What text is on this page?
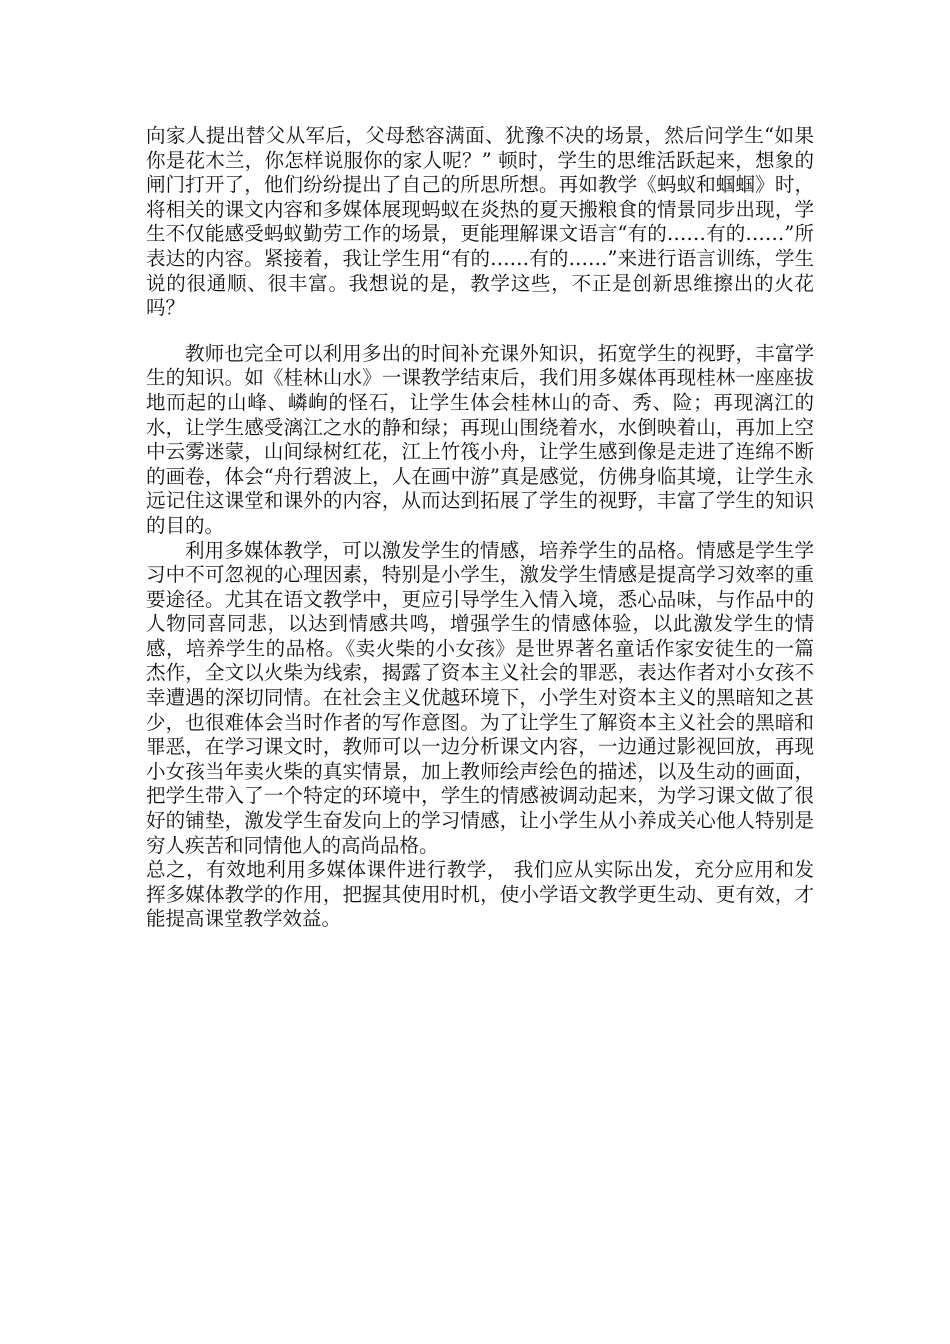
向家人提出替父从军后，父母愁容满面、犹豫不决的场景，然后问学生“如果你是花木兰，你怎样说服你的家人呢？” 顿时，学生的思维活跃起来，想象的闸门打开了，他们纷纷提出了自己的所思所想。再如教学《蚂蚁和蝈蝈》时，将相关的课文内容和多媒体展现蚂蚁在炎热的夏天搬粮食的情景同步出现，学生不仅能感受蚂蚁勤劳工作的场景，更能理解课文语言“有的……有的……”所表达的内容。紧接着，我让学生用“有的……有的……”来进行语言训练，学生说的很通顺、很丰富。我想说的是，教学这些，不正是创新思维擦出的火花吗？

教师也完全可以利用多出的时间补充课外知识，拓宽学生的视野，丰富学生的知识。如《桂林山水》一课教学结束后，我们用多媒体再现桂林一座座拔地而起的山峰、嶙峋的怪石，让学生体会桂林山的奇、秀、险；再现漓江的水，让学生感受漓江之水的静和绿；再现山围绕着水，水倒映着山，再加上空中云雾迷蒙，山间绿树红花，江上竹筏小舟，让学生感到像是走进了连绵不断的画卷，体会“舟行碧波上，人在画中游”真是感觉，仿佛身临其境，让学生永远记住这课堂和课外的内容，从而达到拓展了学生的视野，丰富了学生的知识的目的。

利用多媒体教学，可以激发学生的情感，培养学生的品格。情感是学生学习中不可忽视的心理因素，特别是小学生，激发学生情感是提高学习效率的重要途径。尤其在语文教学中，更应引导学生入情入境，悉心品味，与作品中的人物同喜同悲，以达到情感共鸣，增强学生的情感体验，以此激发学生的情感，培养学生的品格。《卖火柴的小女孩》是世界著名童话作家安徒生的一篇杰作，全文以火柴为线索，揭露了资本主义社会的罪恶，表达作者对小女孩不幸遭遇的深切同情。在社会主义优越环境下，小学生对资本主义的黑暗知之甚少，也很难体会当时作者的写作意图。为了让学生了解资本主义社会的黑暗和罪恶，在学习课文时，教师可以一边分析课文内容，一边通过影视回放，再现小女孩当年卖火柴的真实情景，加上教师绘声绘色的描述，以及生动的画面，把学生带入了一个特定的环境中，学生的情感被调动起来，为学习课文做了很好的铺垫，激发学生奋发向上的学习情感，让小学生从小养成关心他人特别是穷人疾苦和同情他人的高尚品格。

总之，有效地利用多媒体课件进行教学， 我们应从实际出发，充分应用和发挥多媒体教学的作用，把握其使用时机，使小学语文教学更生动、更有效，才能提高课堂教学效益。
